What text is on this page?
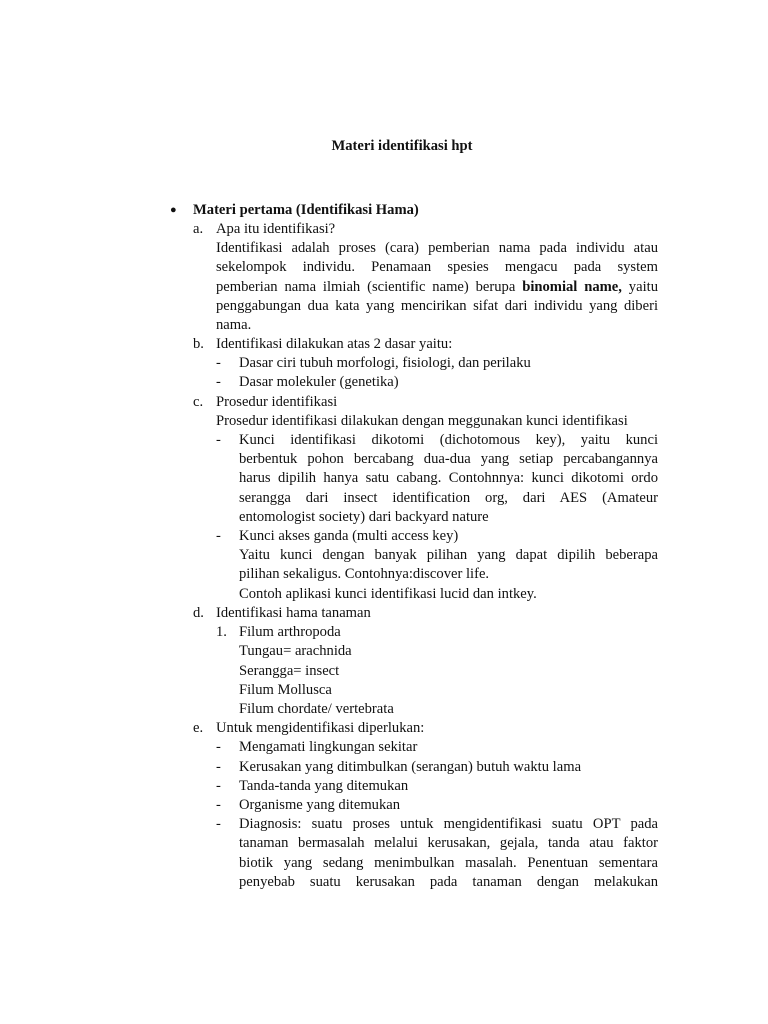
Materi identifikasi hpt
● Materi pertama (Identifikasi Hama)
a. Apa itu identifikasi?
Identifikasi adalah proses (cara) pemberian nama pada individu atau
sekelompok individu. Penamaan spesies mengacu pada system
pemberian nama ilmiah (scientific name) berupa binomial name, yaitu
penggabungan dua kata yang mencirikan sifat dari individu yang diberi
nama.
b. Identifikasi dilakukan atas 2 dasar yaitu:
- Dasar ciri tubuh morfologi, fisiologi, dan perilaku
- Dasar molekuler (genetika)
c. Prosedur identifikasi
Prosedur identifikasi dilakukan dengan meggunakan kunci identifikasi
- Kunci identifikasi dikotomi (dichotomous key), yaitu kunci
berbentuk pohon bercabang dua-dua yang setiap percabangannya
harus dipilih hanya satu cabang. Contohnnya: kunci dikotomi ordo
serangga dari insect identification org, dari AES (Amateur
entomologist society) dari backyard nature
- Kunci akses ganda (multi access key)
Yaitu kunci dengan banyak pilihan yang dapat dipilih beberapa
pilihan sekaligus. Contohnya:discover life.
Contoh aplikasi kunci identifikasi lucid dan intkey.
d. Identifikasi hama tanaman
1. Filum arthropoda
Tungau= arachnida
Serangga= insect
Filum Mollusca
Filum chordate/ vertebrata
e. Untuk mengidentifikasi diperlukan:
- Mengamati lingkungan sekitar
- Kerusakan yang ditimbulkan (serangan) butuh waktu lama
- Tanda-tanda yang ditemukan
- Organisme yang ditemukan
- Diagnosis: suatu proses untuk mengidentifikasi suatu OPT pada
tanaman bermasalah melalui kerusakan, gejala, tanda atau faktor
biotik yang sedang menimbulkan masalah. Penentuan sementara
penyebab suatu kerusakan pada tanaman dengan melakukan
